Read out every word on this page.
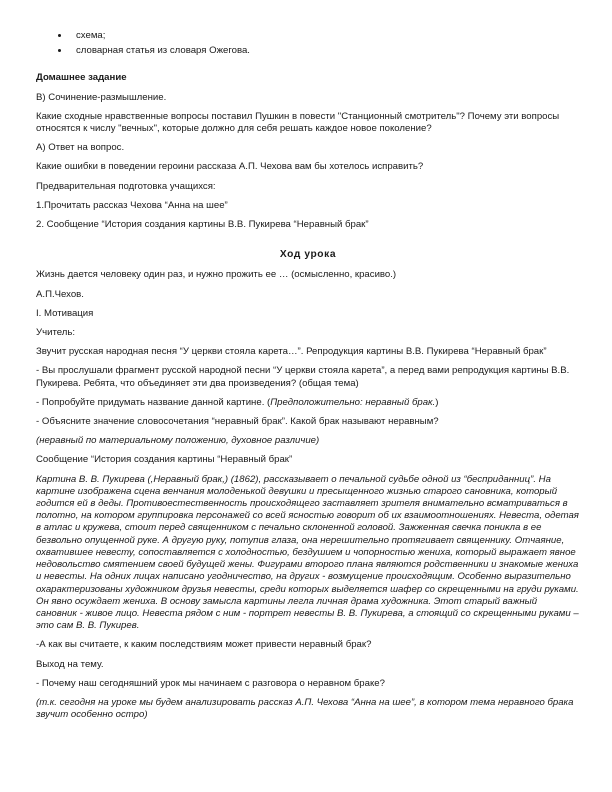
• схема;
• словарная статья из словаря Ожегова.

Домашнее задание

В) Сочинение-размышление.

Какие сходные нравственные вопросы поставил Пушкин в повести "Станционный смотритель"? Почему эти вопросы относятся к числу "вечных", которые должно для себя решать каждое новое поколение?

А) Ответ на вопрос.

Какие ошибки в поведении героини рассказа А.П. Чехова вам бы хотелось исправить?

Предварительная подготовка учащихся:

1.Прочитать рассказ Чехова “Анна на шее”

2. Сообщение “История создания картины В.В. Пукирева “Неравный брак”

Ход урока

Жизнь дается человеку один раз, и нужно прожить ее … (осмысленно, красиво.)

А.П.Чехов.

I. Мотивация

Учитель:

Звучит русская народная песня “У церкви стояла карета…”. Репродукция картины В.В. Пукирева “Неравный брак”

- Вы прослушали фрагмент русской народной песни “У церкви стояла карета”, а перед вами репродукция картины В.В. Пукирева. Ребята, что объединяет эти два произведения? (общая тема)

- Попробуйте придумать название данной картине. (Предположительно: неравный брак.)

- Объясните значение словосочетания “неравный брак”. Какой брак называют неравным?

(неравный по материальному положению, духовное различие)

Сообщение “История создания картины “Неравный брак”

Картина В. В. Пукирева (,Неравный брак,) (1862), рассказывает о печальной судьбе одной из “бесприданниц”. На картине изображена сцена венчания молоденькой девушки и пресыщенного жизнью старого сановника, который годится ей в деды. Противоестественность происходящего заставляет зрителя внимательно всматриваться в полотно, на котором группировка персонажей со всей ясностью говорит об их взаимоотношениях. Невеста, одетая в атлас и кружева, стоит перед священником с печально склоненной головой. Зажженная свечка поникла в ее безвольно опущенной руке. А другую руку, потупив глаза, она нерешительно протягивает священнику. Отчаяние, охватившее невесту, сопоставляется с холодностью, бездушием и чопорностью жениха, который выражает явное недовольство смятением своей будущей жены. Фигурами второго плана являются родственники и знакомые жениха и невесты. На одних лицах написано угодничество, на других - возмущение происходящим. Особенно выразительно охарактеризованы художником друзья невесты, среди которых выделяется шафер со скрещенными на груди руками. Он явно осуждает жениха. В основу замысла картины легла личная драма художника. Этот старый важный сановник - живое лицо. Невеста рядом с ним - портрет невесты В. В. Пукирева, а стоящий со скрещенными руками – это сам В. В. Пукирев.

-А как вы считаете, к каким последствиям может привести неравный брак?

Выход на тему.

- Почему наш сегодняшний урок мы начинаем с разговора о неравном браке?

(т.к. сегодня на уроке мы будем анализировать рассказ А.П. Чехова “Анна на шее”, в котором тема неравного брака звучит особенно остро)
